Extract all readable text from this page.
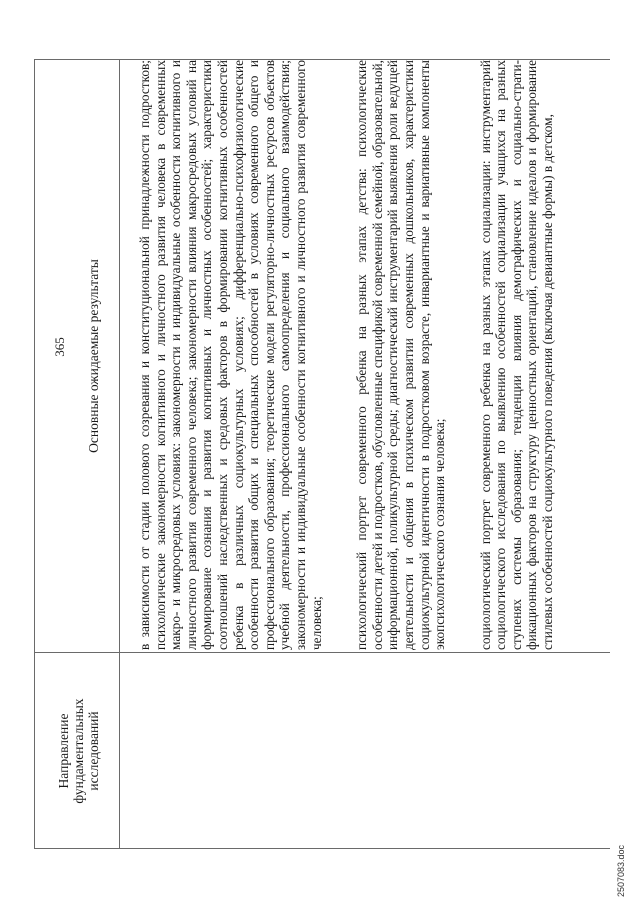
365
Направление фундаментальных исследований
Основные ожидаемые результаты	в зависимости от стадии полового созревания и конституциональной принадлежности подростков; психологические закономерности когнитивного и личностного развития человека в современных макро- и микросредовых условиях: закономерности и индивидуальные особенности когнитивного и личностного развития современного человека; закономерности влияния макросредовых условий на формирование сознания и развития когнитивных и личностных особенностей; характеристики соотношений наследственных и средовых факторов в формировании когнитивных особенностей ребенка в различных социокультурных условиях; дифференциально-психофизиологические особенности развития общих и специальных способностей в условиях современного общего и профессионального образования; теоретические модели регуляторно-личностных ресурсов объектов учебной деятельности, профессионального самоопределения и социального взаимодействия; закономерности и индивидуальные особенности когнитивного и личностного развития современного человека; психологический портрет современного ребенка на разных этапах детства: психологические особенности детей и подростков, обусловленные спецификой современной семейной, образовательной, информационной, поликультурной среды; диагностический инструментарий выявления роли ведущей деятельности и общения в психическом развитии современных дошкольников, характеристики социокультурной идентичности в подростковом возрасте, инвариантные и вариативные компоненты экопсихологического сознания человека; социологический портрет современного ребенка на разных этапах социализации: инструментарий социологического исследования по выявлению особенностей социализации учащихся на разных ступенях системы образования; тенденции влияния демографических и социально-страти-фикационных факторов на структуру ценностных ориентаций, становление идеалов и формирование стилевых особенностей социокультурного поведения (включая девиантные формы) в детском,

2507083.doc
